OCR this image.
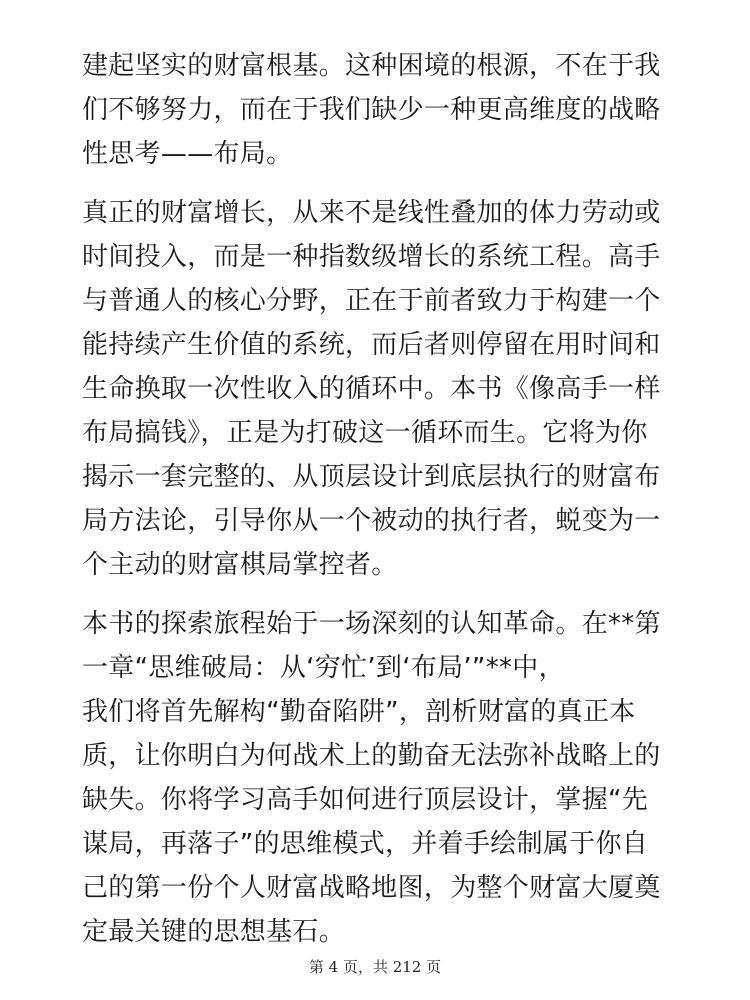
建起坚实的财富根基。这种困境的根源，不在于我
们不够努力，而在于我们缺少一种更高维度的战略
性思考——布局。

真正的财富增长，从来不是线性叠加的体力劳动或
时间投入，而是一种指数级增长的系统工程。高手
与普通人的核心分野，正在于前者致力于构建一个
能持续产生价值的系统，而后者则停留在用时间和
生命换取一次性收入的循环中。本书《像高手一样
布局搞钱》，正是为打破这一循环而生。它将为你
揭示一套完整的、从顶层设计到底层执行的财富布
局方法论，引导你从一个被动的执行者，蜕变为一
个主动的财富棋局掌控者。

本书的探索旅程始于一场深刻的认知革命。在**第
一章“思维破局：从‘穷忙’到‘布局’”**中，
我们将首先解构“勤奋陷阱”，剖析财富的真正本
质，让你明白为何战术上的勤奋无法弥补战略上的
缺失。你将学习高手如何进行顶层设计，掌握“先
谋局，再落子”的思维模式，并着手绘制属于你自
己的第一份个人财富战略地图，为整个财富大厦奠
定最关键的思想基石。

第 4 页，共 212 页
